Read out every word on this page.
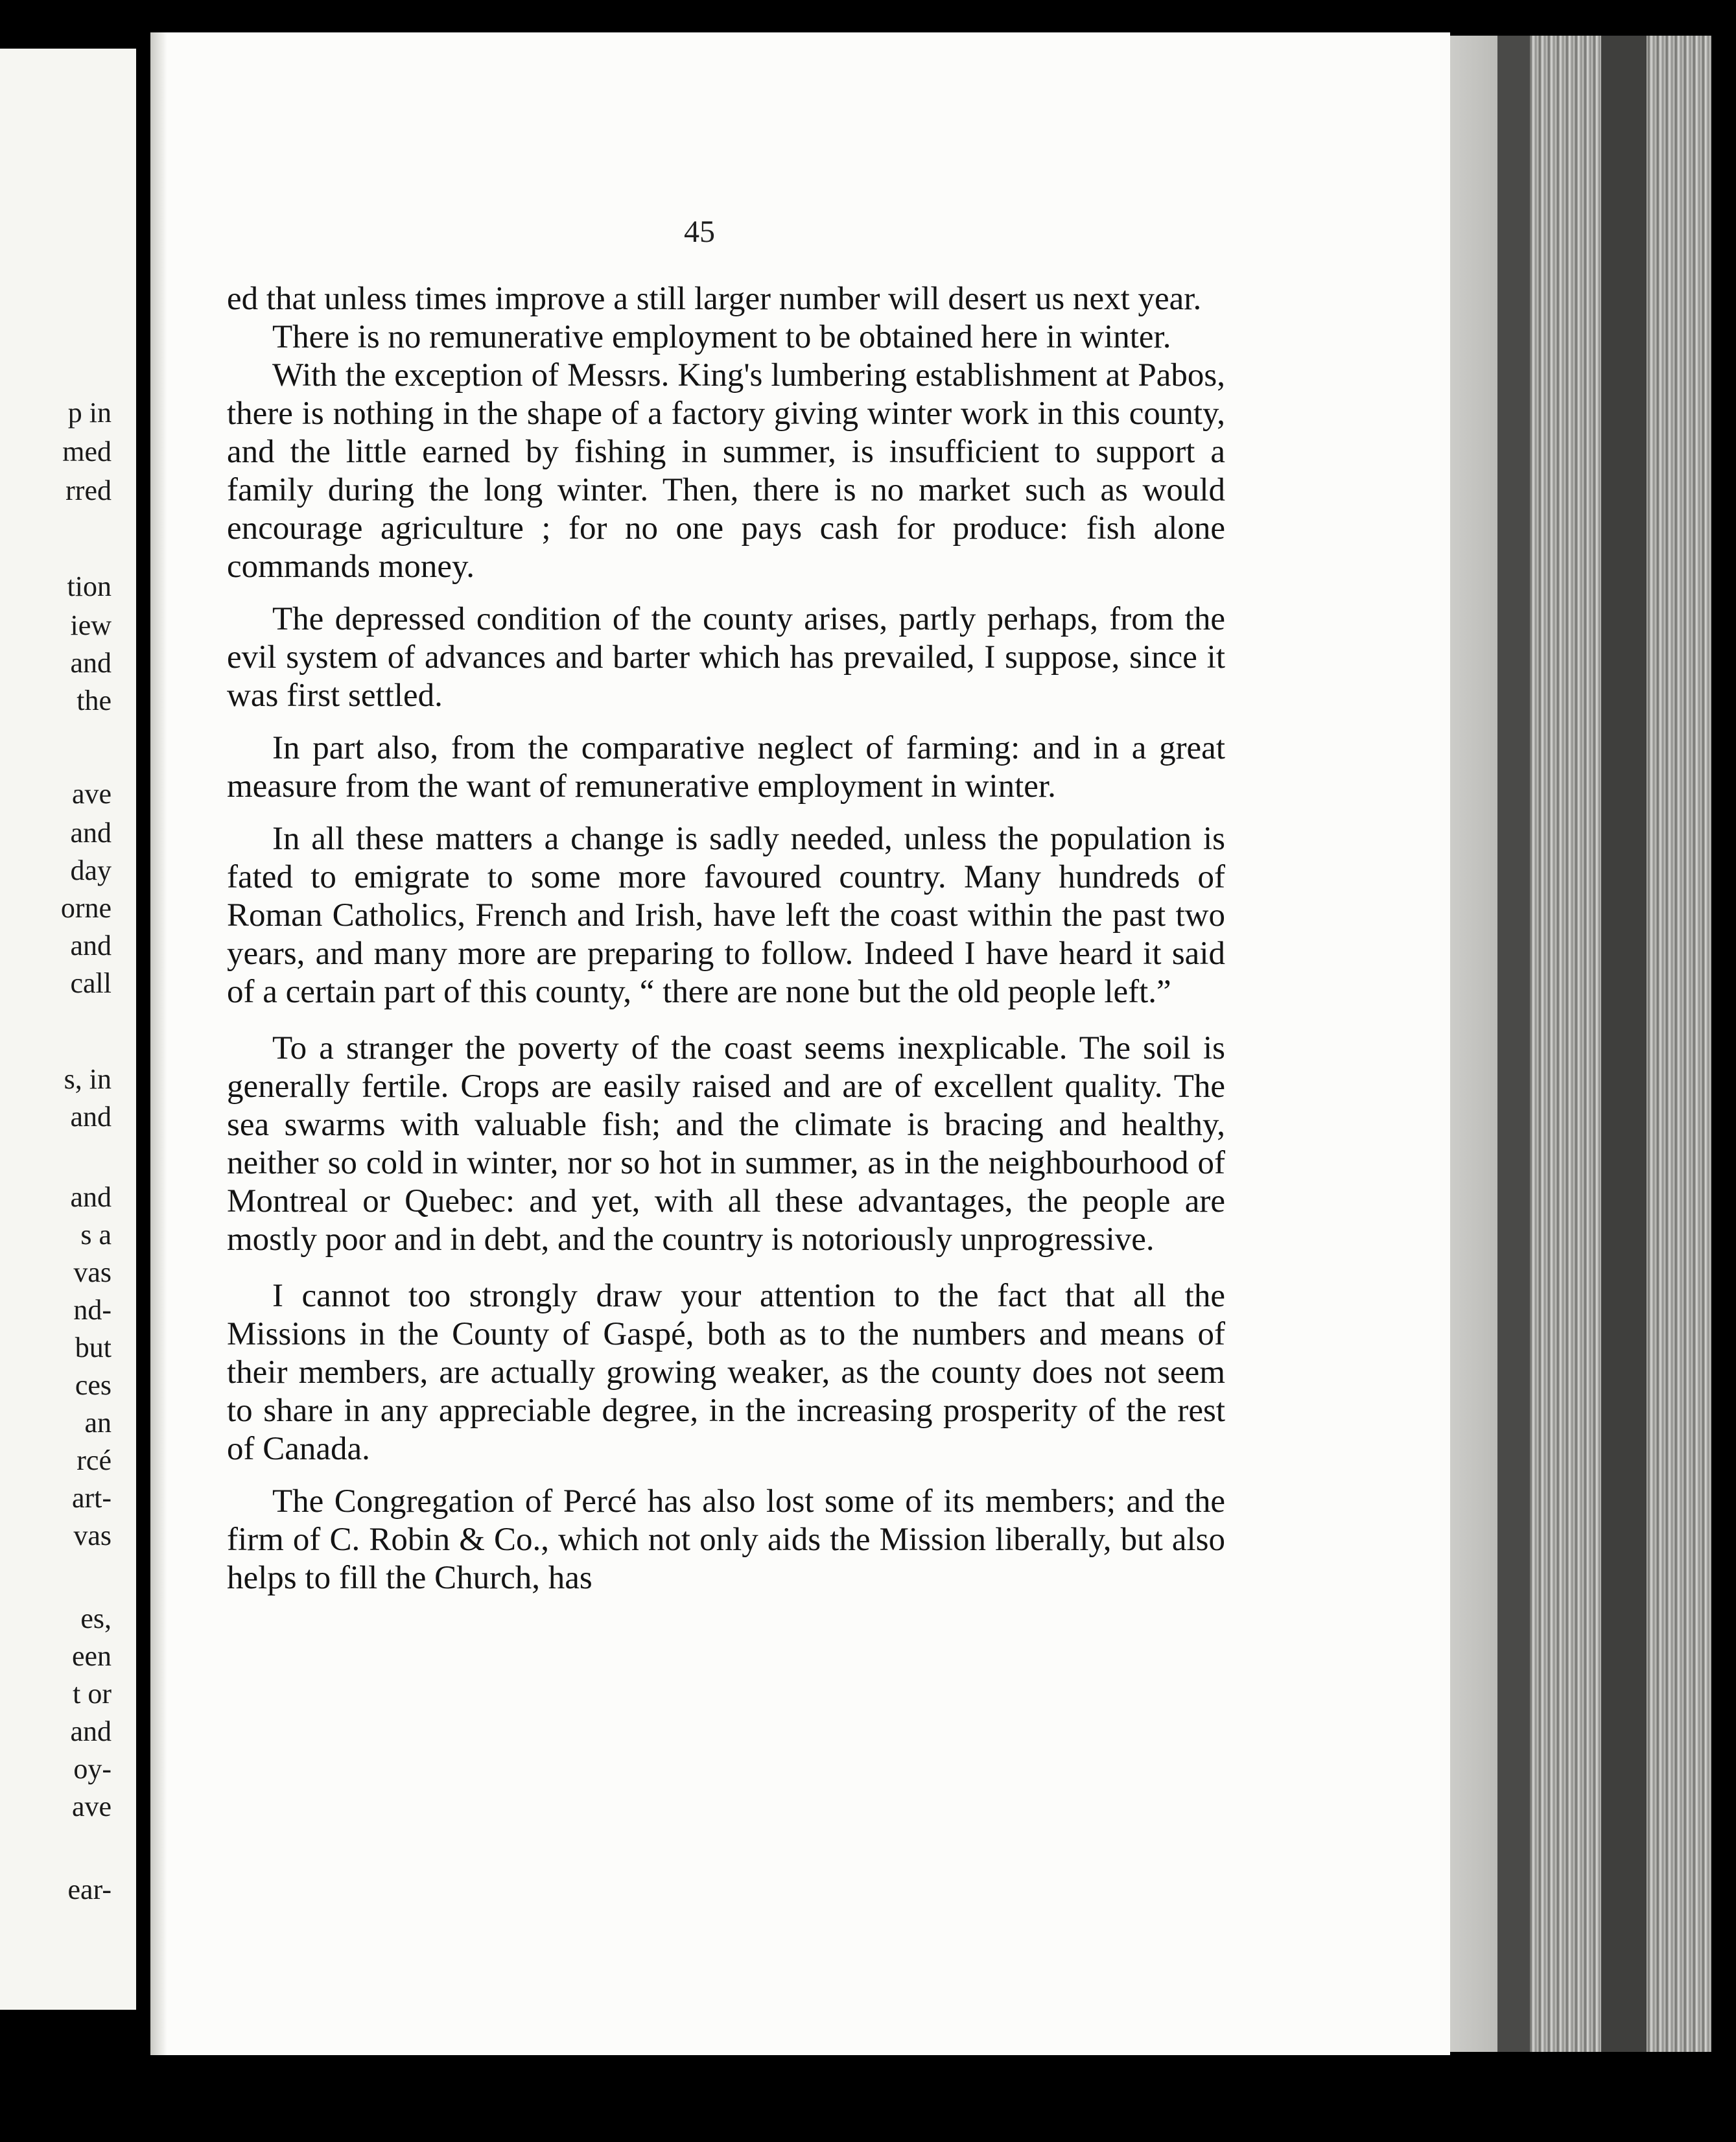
p in
med
rred
tion
iew
and
the
ave
and
day
orne
and
call
s, in
and
and
s a
vas
nd-
but
ces
an
rcé
art-
vas
es,
een
t or
and
oy-
ave
ear-
45

ed that unless times improve a still larger number will desert us next year.

There is no remunerative employment to be obtained here in winter.

With the exception of Messrs. King's lumbering establishment at Pabos, there is nothing in the shape of a factory giving winter work in this county, and the little earned by fishing in summer, is insufficient to support a family during the long winter. Then, there is no market such as would encourage agriculture ; for no one pays cash for produce: fish alone commands money.

The depressed condition of the county arises, partly perhaps, from the evil system of advances and barter which has prevailed, I suppose, since it was first settled.

In part also, from the comparative neglect of farming: and in a great measure from the want of remunerative employment in winter.

In all these matters a change is sadly needed, unless the population is fated to emigrate to some more favoured country. Many hundreds of Roman Catholics, French and Irish, have left the coast within the past two years, and many more are preparing to follow. Indeed I have heard it said of a certain part of this county, “ there are none but the old people left.”

To a stranger the poverty of the coast seems inexplicable. The soil is generally fertile. Crops are easily raised and are of excellent quality. The sea swarms with valuable fish; and the climate is bracing and healthy, neither so cold in winter, nor so hot in summer, as in the neighbourhood of Montreal or Quebec: and yet, with all these advantages, the people are mostly poor and in debt, and the country is notoriously unprogressive.

I cannot too strongly draw your attention to the fact that all the Missions in the County of Gaspé, both as to the numbers and means of their members, are actually growing weaker, as the county does not seem to share in any appreciable degree, in the increasing prosperity of the rest of Canada.

The Congregation of Percé has also lost some of its members; and the firm of C. Robin & Co., which not only aids the Mission liberally, but also helps to fill the Church, has
